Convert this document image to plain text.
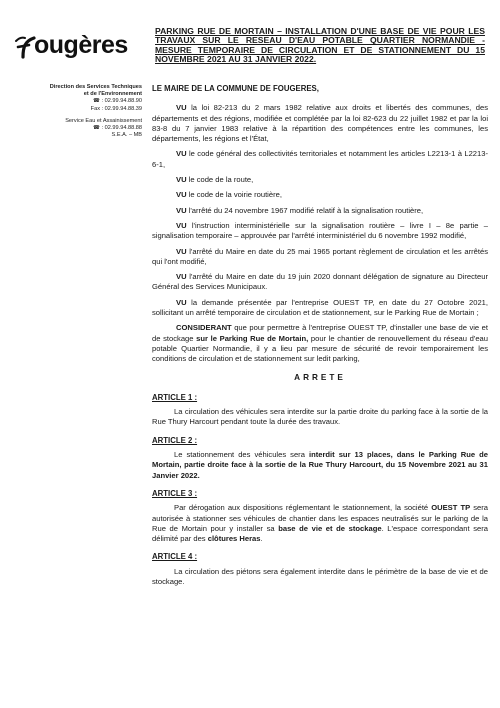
ougères
Direction des Services Techniques
et de l'Environnement
☎ : 02.99.94.88.90
Fax : 02.99.94.88.39
Service Eau et Assainissement
☎ : 02.99.94.88.88
S.E.A. – MB
PARKING RUE DE MORTAIN – INSTALLATION D'UNE BASE DE VIE POUR LES TRAVAUX SUR LE RESEAU D'EAU POTABLE QUARTIER NORMANDIE - MESURE TEMPORAIRE DE CIRCULATION ET DE STATIONNEMENT DU 15 NOVEMBRE 2021 AU 31 JANVIER 2022.

LE MAIRE DE LA COMMUNE DE FOUGERES,

VU la loi 82-213 du 2 mars 1982 relative aux droits et libertés des communes, des départements et des régions, modifiée et complétée par la loi 82-623 du 22 juillet 1982 et par la loi 83-8 du 7 janvier 1983 relative à la répartition des compétences entre les communes, les départements, les régions et l'État,

VU le code général des collectivités territoriales et notamment les articles L2213-1 à L2213-6-1,

VU le code de la route,

VU le code de la voirie routière,

VU l'arrêté du 24 novembre 1967 modifié relatif à la signalisation routière,

VU l'instruction interministérielle sur la signalisation routière – livre I – 8e partie – signalisation temporaire – approuvée par l'arrêté interministériel du 6 novembre 1992 modifié,

VU l'arrêté du Maire en date du 25 mai 1965 portant règlement de circulation et les arrêtés qui l'ont modifié,

VU l'arrêté du Maire en date du 19 juin 2020 donnant délégation de signature au Directeur Général des Services Municipaux.

VU la demande présentée par l'entreprise OUEST TP, en date du 27 Octobre 2021, sollicitant un arrêté temporaire de circulation et de stationnement, sur le Parking Rue de Mortain ;

CONSIDERANT que pour permettre à l'entreprise OUEST TP, d'installer une base de vie et de stockage sur le Parking Rue de Mortain, pour le chantier de renouvellement du réseau d'eau potable Quartier Normandie, il y a lieu par mesure de sécurité de revoir temporairement les conditions de circulation et de stationnement sur ledit parking,

ARRETE
ARTICLE 1 :

La circulation des véhicules sera interdite sur la partie droite du parking face à la sortie de la Rue Thury Harcourt pendant toute la durée des travaux.

ARTICLE 2 :

Le stationnement des véhicules sera interdit sur 13 places, dans le Parking Rue de Mortain, partie droite face à la sortie de la Rue Thury Harcourt, du 15 Novembre 2021 au 31 Janvier 2022.

ARTICLE 3 :

Par dérogation aux dispositions réglementant le stationnement, la société OUEST TP sera autorisée à stationner ses véhicules de chantier dans les espaces neutralisés sur le parking de la Rue de Mortain pour y installer sa base de vie et de stockage. L'espace correspondant sera délimité par des clôtures Heras.

ARTICLE 4 :

La circulation des piétons sera également interdite dans le périmètre de la base de vie et de stockage.
